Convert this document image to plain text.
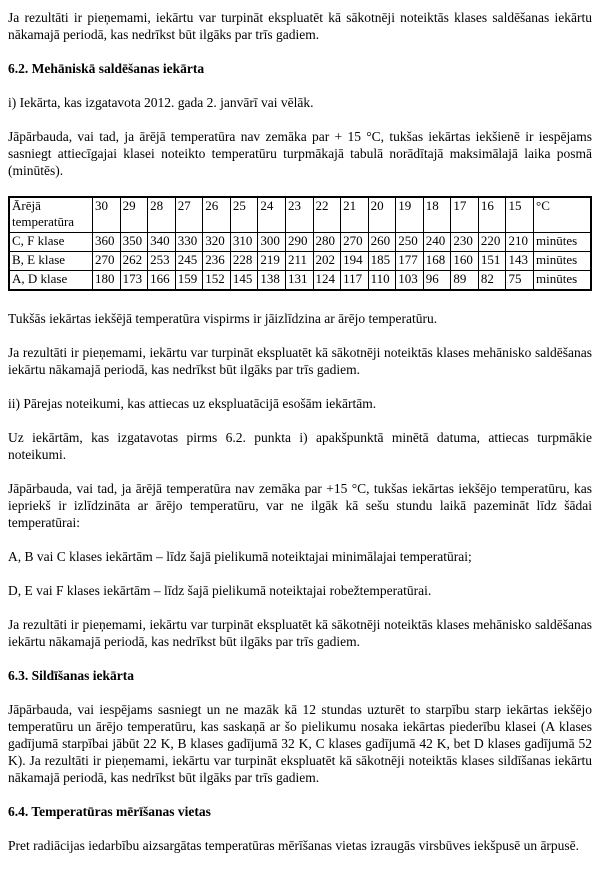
Ja rezultāti ir pieņemami, iekārtu var turpināt ekspluatēt kā sākotnēji noteiktās klases saldēšanas iekārtu nākamajā periodā, kas nedrīkst būt ilgāks par trīs gadiem.

6.2. Mehāniskā saldēšanas iekārta

i) Iekārta, kas izgatavota 2012. gada 2. janvārī vai vēlāk.

Jāpārbauda, vai tad, ja ārējā temperatūra nav zemāka par + 15 °C, tukšas iekārtas iekšienē ir iespējams sasniegt attiecīgajai klasei noteikto temperatūru turpmākajā tabulā norādītajā maksimālajā laika posmā (minūtēs).

Ārējā temperatūra	30	29	28	27	26	25	24	23	22	21	20	19	18	17	16	15	°C
C, F klase	360	350	340	330	320	310	300	290	280	270	260	250	240	230	220	210	minūtes
B, E klase	270	262	253	245	236	228	219	211	202	194	185	177	168	160	151	143	minūtes
A, D klase	180	173	166	159	152	145	138	131	124	117	110	103	96	89	82	75	minūtes

Tukšās iekārtas iekšējā temperatūra vispirms ir jāizlīdzina ar ārējo temperatūru.

Ja rezultāti ir pieņemami, iekārtu var turpināt ekspluatēt kā sākotnēji noteiktās klases mehānisko saldēšanas iekārtu nākamajā periodā, kas nedrīkst būt ilgāks par trīs gadiem.

ii) Pārejas noteikumi, kas attiecas uz ekspluatācijā esošām iekārtām.

Uz iekārtām, kas izgatavotas pirms 6.2. punkta i) apakšpunktā minētā datuma, attiecas turpmākie noteikumi.

Jāpārbauda, vai tad, ja ārējā temperatūra nav zemāka par +15 °C, tukšas iekārtas iekšējo temperatūru, kas iepriekš ir izlīdzināta ar ārējo temperatūru, var ne ilgāk kā sešu stundu laikā pazemināt līdz šādai temperatūrai:

A, B vai C klases iekārtām – līdz šajā pielikumā noteiktajai minimālajai temperatūrai;

D, E vai F klases iekārtām – līdz šajā pielikumā noteiktajai robežtemperatūrai.

Ja rezultāti ir pieņemami, iekārtu var turpināt ekspluatēt kā sākotnēji noteiktās klases mehānisko saldēšanas iekārtu nākamajā periodā, kas nedrīkst būt ilgāks par trīs gadiem.

6.3. Sildīšanas iekārta

Jāpārbauda, vai iespējams sasniegt un ne mazāk kā 12 stundas uzturēt to starpību starp iekārtas iekšējo temperatūru un ārējo temperatūru, kas saskaņā ar šo pielikumu nosaka iekārtas piederību klasei (A klases gadījumā starpībai jābūt 22 K, B klases gadījumā 32 K, C klases gadījumā 42 K, bet D klases gadījumā 52 K). Ja rezultāti ir pieņemami, iekārtu var turpināt ekspluatēt kā sākotnēji noteiktās klases sildīšanas iekārtu nākamajā periodā, kas nedrīkst būt ilgāks par trīs gadiem.

6.4. Temperatūras mērīšanas vietas

Pret radiācijas iedarbību aizsargātas temperatūras mērīšanas vietas izraugās virsbūves iekšpusē un ārpusē.
